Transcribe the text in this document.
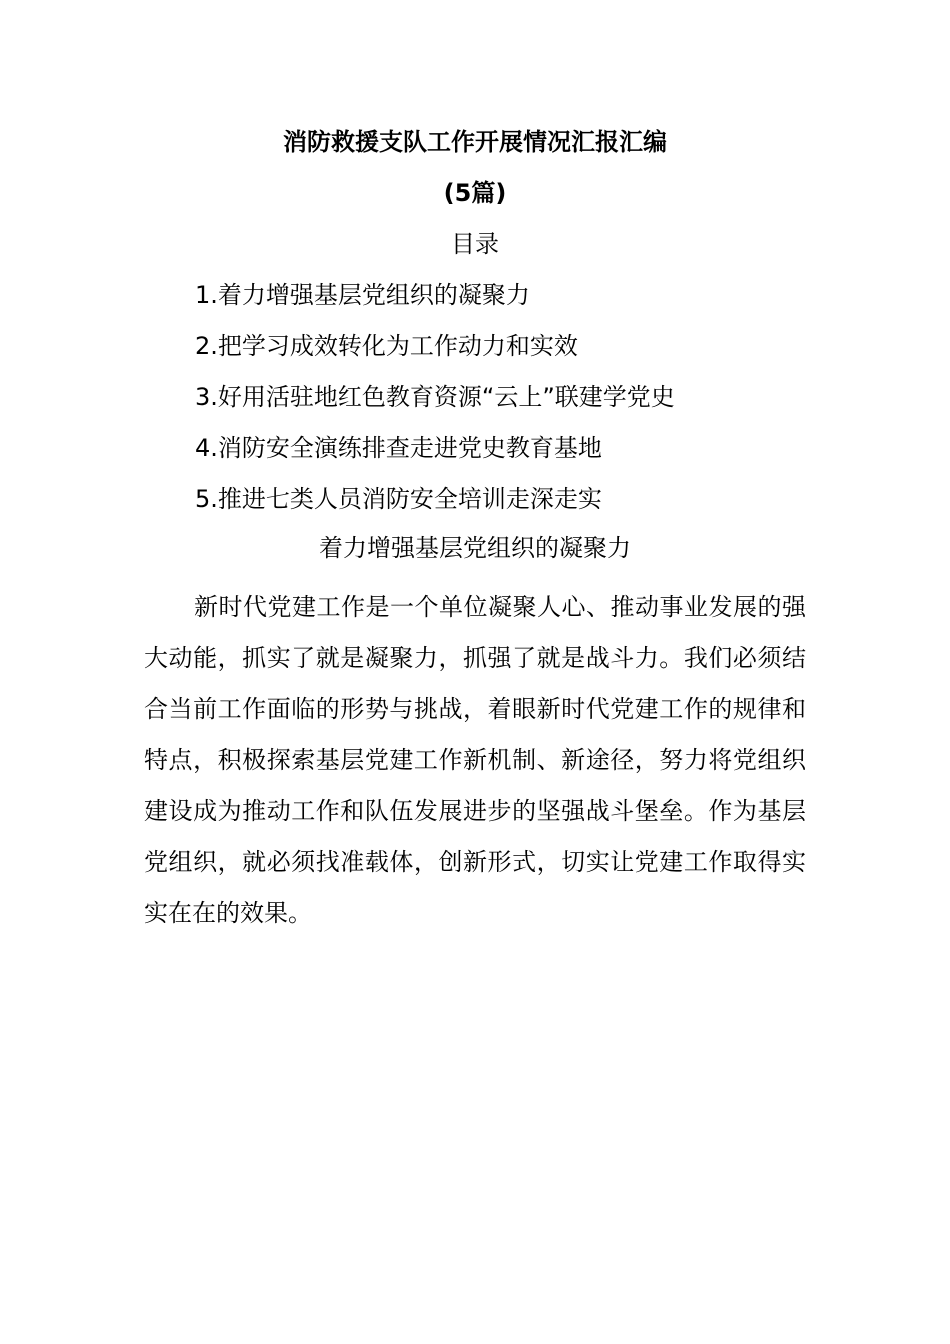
消防救援支队工作开展情况汇报汇编
(5篇)
目录
1.着力增强基层党组织的凝聚力
2.把学习成效转化为工作动力和实效
3.好用活驻地红色教育资源“云上”联建学党史
4.消防安全演练排查走进党史教育基地
5.推进七类人员消防安全培训走深走实
着力增强基层党组织的凝聚力

新时代党建工作是一个单位凝聚人心、推动事业发展的强大动能，抓实了就是凝聚力，抓强了就是战斗力。我们必须结合当前工作面临的形势与挑战，着眼新时代党建工作的规律和特点，积极探索基层党建工作新机制、新途径，努力将党组织建设成为推动工作和队伍发展进步的坚强战斗堡垒。作为基层党组织，就必须找准载体，创新形式，切实让党建工作取得实实在在的效果。
